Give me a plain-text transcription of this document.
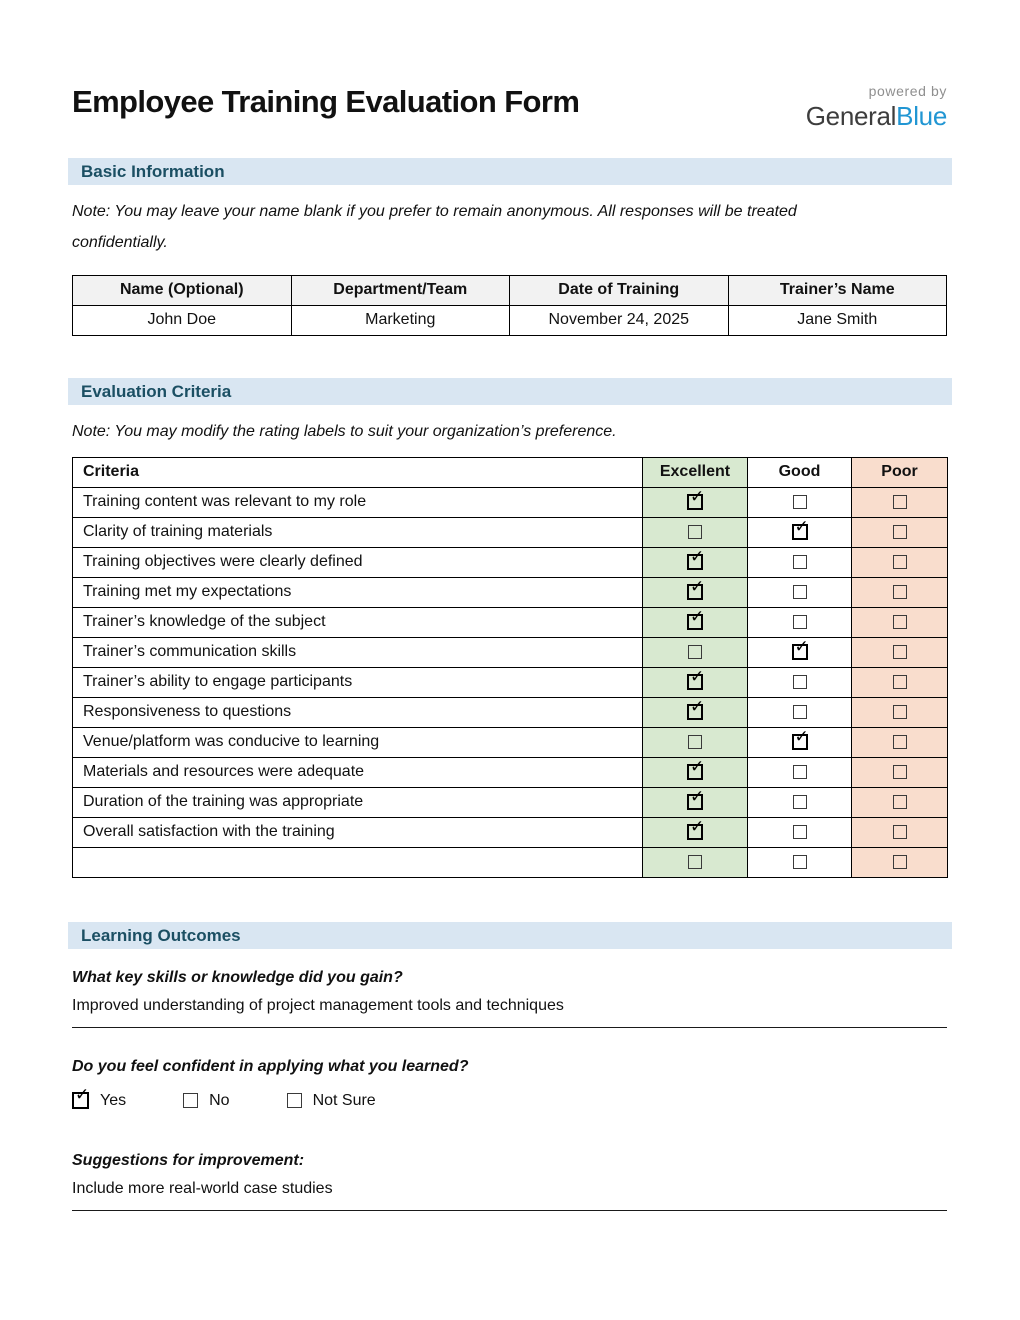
Employee Training Evaluation Form	powered by
GeneralBlue
Basic Information

Note: You may leave your name blank if you prefer to remain anonymous. All responses will be treated confidentially.

Name (Optional)	Department/Team	Date of Training	Trainer’s Name
John Doe	Marketing	November 24, 2025	Jane Smith
Evaluation Criteria

Note: You may modify the rating labels to suit your organization’s preference.

Criteria	Excellent	Good	Poor
Training content was relevant to my role	✓		
Clarity of training materials		✓	
Training objectives were clearly defined	✓		
Training met my expectations	✓		
Trainer’s knowledge of the subject	✓		
Trainer’s communication skills		✓	
Trainer’s ability to engage participants	✓		
Responsiveness to questions	✓		
Venue/platform was conducive to learning		✓	
Materials and resources were adequate	✓		
Duration of the training was appropriate	✓		
Overall satisfaction with the training	✓		

Learning Outcomes

What key skills or knowledge did you gain?

Improved understanding of project management tools and techniques

Do you feel confident in applying what you learned?

✓
Yes	No	Not Sure

Suggestions for improvement:

Include more real-world case studies
